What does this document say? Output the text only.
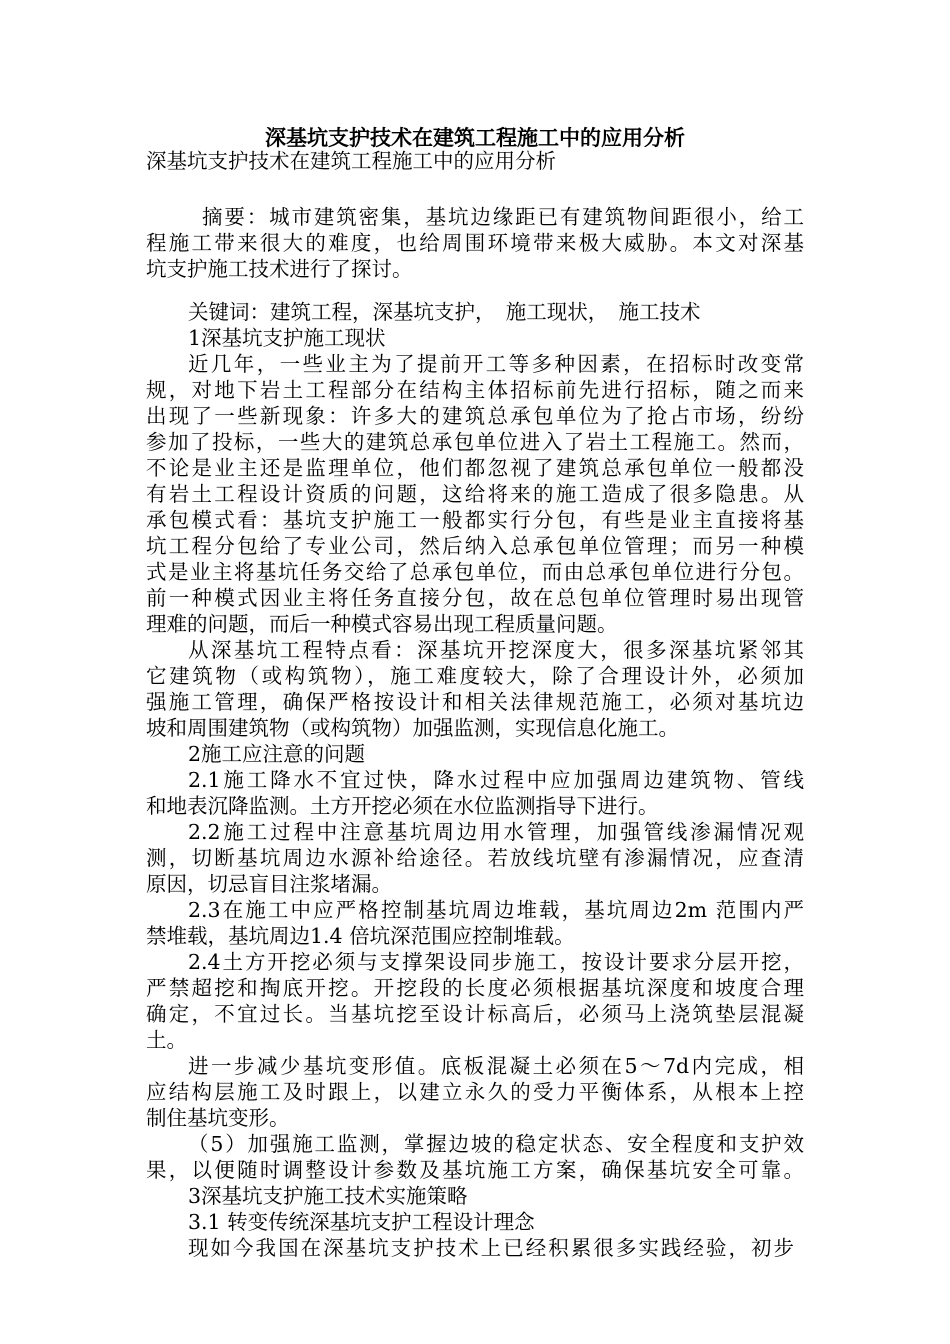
深基坑支护技术在建筑工程施工中的应用分析
深基坑支护技术在建筑工程施工中的应用分析
摘要：城市建筑密集，基坑边缘距已有建筑物间距很小，给工
程施工带来很大的难度，也给周围环境带来极大威胁。本文对深基
坑支护施工技术进行了探讨。
关键词：建筑工程，深基坑支护，　施工现状，　施工技术
1深基坑支护施工现状
近几年，一些业主为了提前开工等多种因素，在招标时改变常
规，对地下岩土工程部分在结构主体招标前先进行招标，随之而来
出现了一些新现象：许多大的建筑总承包单位为了抢占市场，纷纷
参加了投标，一些大的建筑总承包单位进入了岩土工程施工。然而，
不论是业主还是监理单位，他们都忽视了建筑总承包单位一般都没
有岩土工程设计资质的问题，这给将来的施工造成了很多隐患。从
承包模式看：基坑支护施工一般都实行分包，有些是业主直接将基
坑工程分包给了专业公司，然后纳入总承包单位管理；而另一种模
式是业主将基坑任务交给了总承包单位，而由总承包单位进行分包。
前一种模式因业主将任务直接分包，故在总包单位管理时易出现管
理难的问题，而后一种模式容易出现工程质量问题。
从深基坑工程特点看：深基坑开挖深度大，很多深基坑紧邻其
它建筑物（或构筑物），施工难度较大，除了合理设计外，必须加
强施工管理，确保严格按设计和相关法律规范施工，必须对基坑边
坡和周围建筑物（或构筑物）加强监测，实现信息化施工。
2施工应注意的问题
2.1施工降水不宜过快，降水过程中应加强周边建筑物、管线
和地表沉降监测。土方开挖必须在水位监测指导下进行。
2.2施工过程中注意基坑周边用水管理，加强管线渗漏情况观
测，切断基坑周边水源补给途径。若放线坑壁有渗漏情况，应查清
原因，切忌盲目注浆堵漏。
2.3在施工中应严格控制基坑周边堆载，基坑周边2m 范围内严
禁堆载，基坑周边1.4 倍坑深范围应控制堆载。
2.4土方开挖必须与支撑架设同步施工，按设计要求分层开挖，
严禁超挖和掏底开挖。开挖段的长度必须根据基坑深度和坡度合理
确定，不宜过长。当基坑挖至设计标高后，必须马上浇筑垫层混凝
土。
进一步减少基坑变形值。底板混凝土必须在5～7d内完成，相
应结构层施工及时跟上，以建立永久的受力平衡体系，从根本上控
制住基坑变形。
（5）加强施工监测，掌握边坡的稳定状态、安全程度和支护效
果，以便随时调整设计参数及基坑施工方案，确保基坑安全可靠。
3深基坑支护施工技术实施策略
3.1 转变传统深基坑支护工程设计理念
现如今我国在深基坑支护技术上已经积累很多实践经验，初步
